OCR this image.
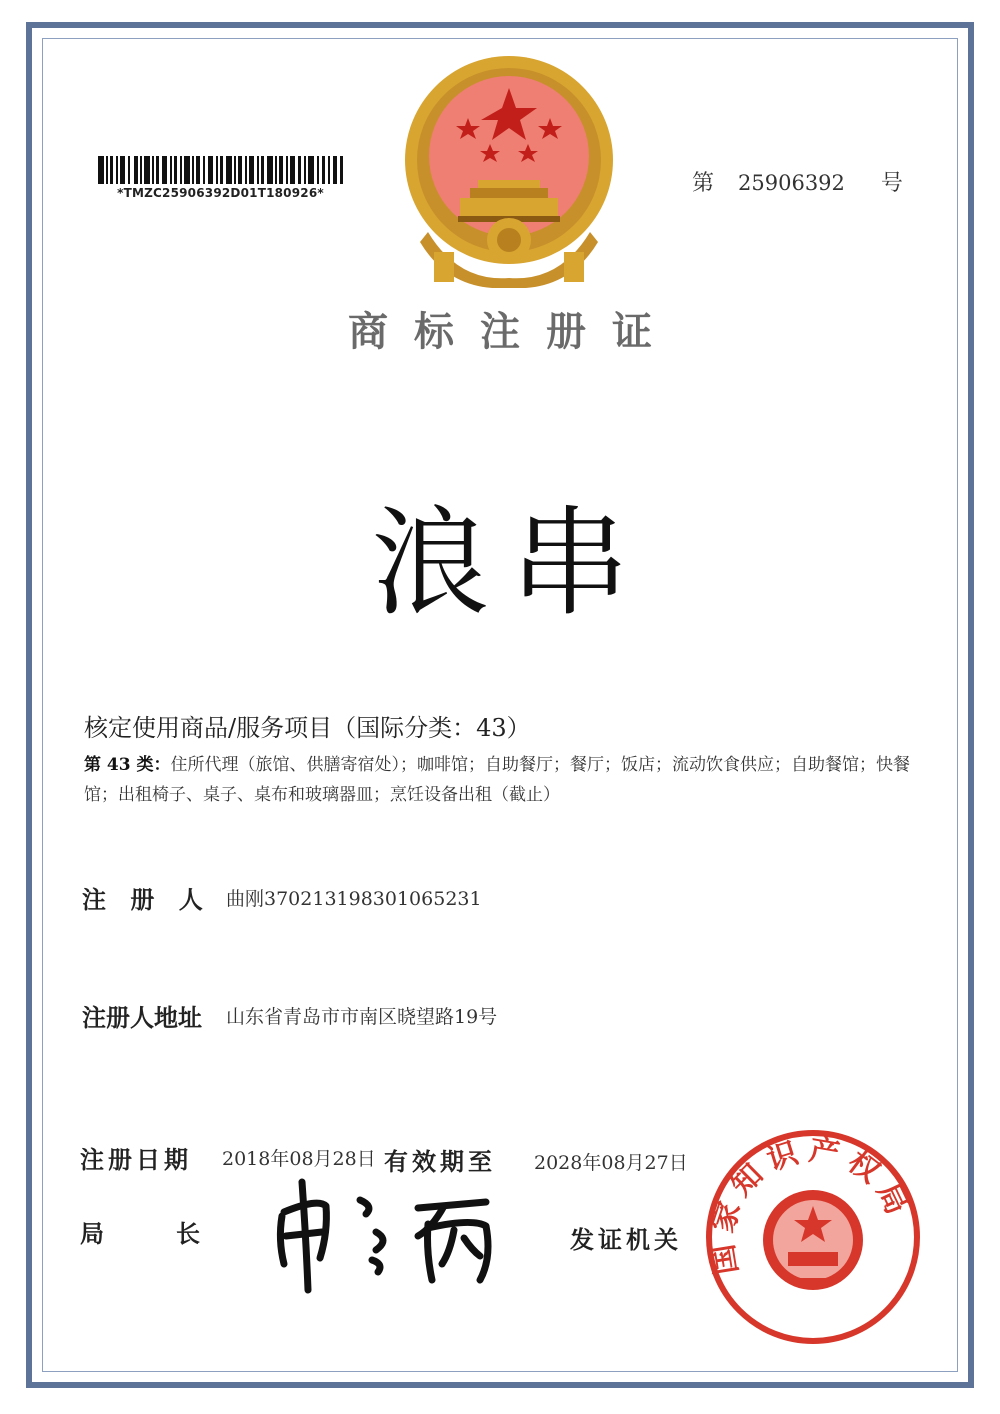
*TMZC25906392D01T180926*	第 25906392 号
商标注册证
浪串
核定使用商品/服务项目（国际分类：43）
第 43 类：住所代理（旅馆、供膳寄宿处）；咖啡馆；自助餐厅；餐厅；饭店；流动饮食供应；自助餐馆；快餐馆；出租椅子、桌子、桌布和玻璃器皿；烹饪设备出租（截止）
注 册 人 曲刚370213198301065231
注册人地址 山东省青岛市市南区晓望路19号
注册日期 2018年08月28日 有效期至 2028年08月27日
局	长	发证机关 国家知识产权局
